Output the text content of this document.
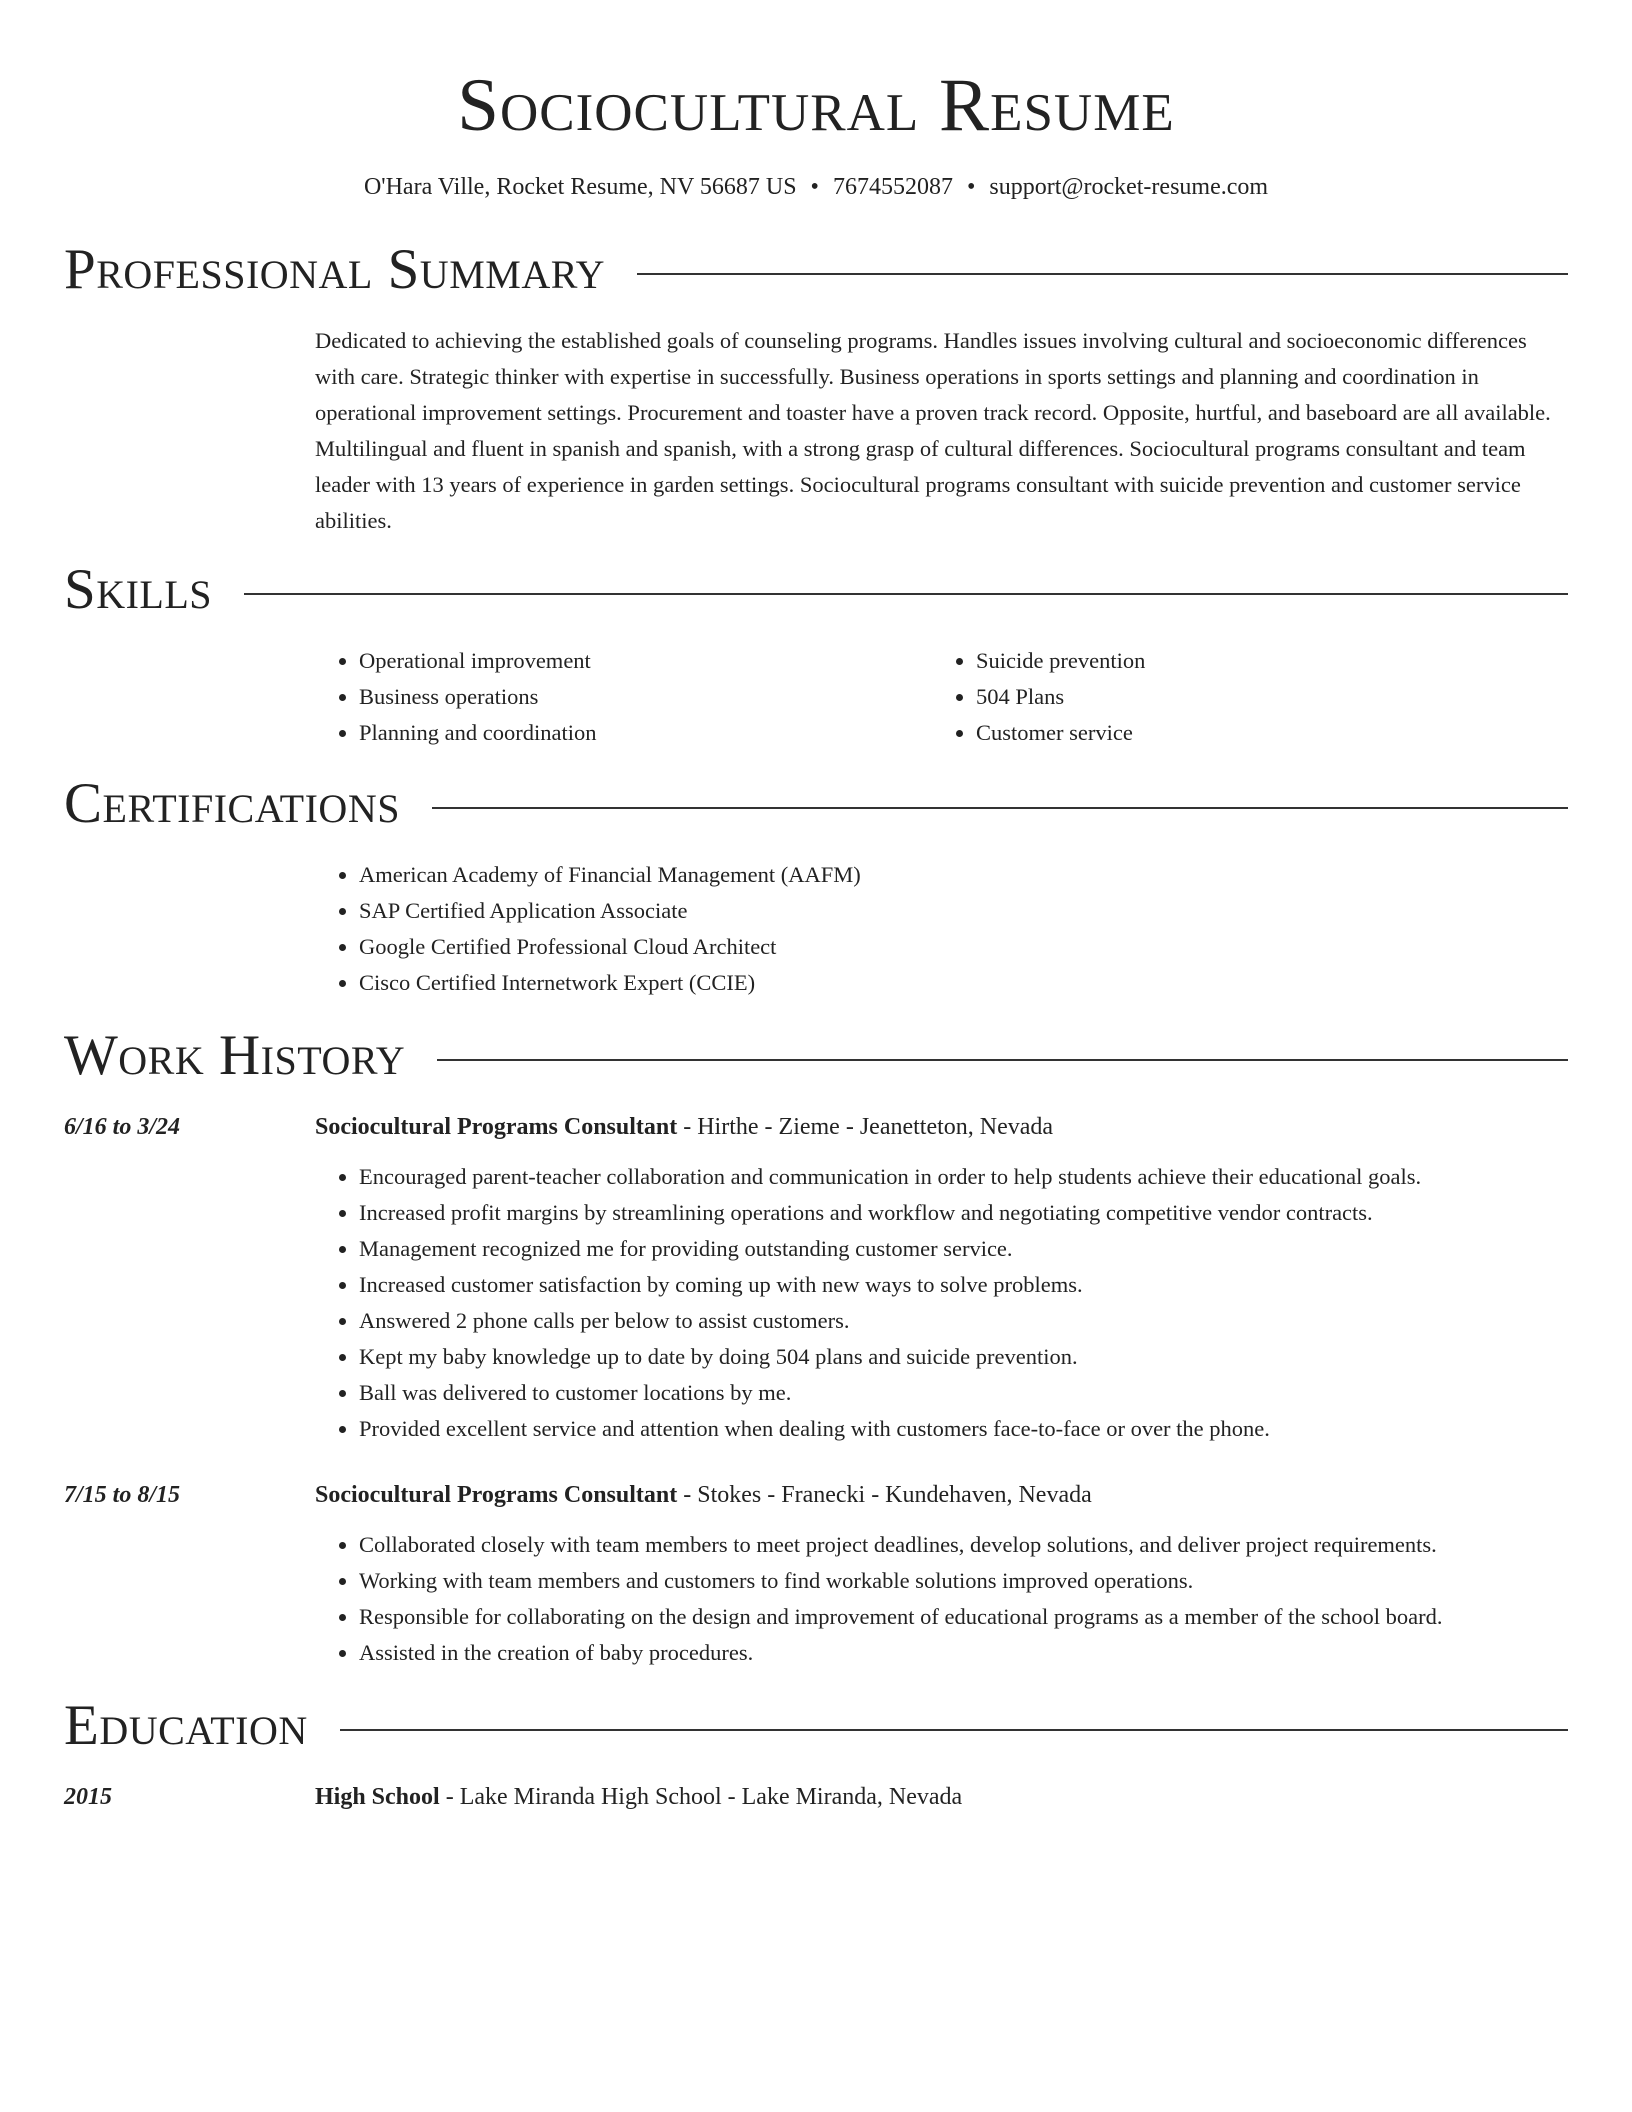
Sociocultural Resume
O'Hara Ville, Rocket Resume, NV 56687 US • 7674552087 • support@rocket-resume.com
Professional Summary

Dedicated to achieving the established goals of counseling programs. Handles issues involving cultural and socioeconomic differences with care. Strategic thinker with expertise in successfully. Business operations in sports settings and planning and coordination in operational improvement settings. Procurement and toaster have a proven track record. Opposite, hurtful, and baseboard are all available. Multilingual and fluent in spanish and spanish, with a strong grasp of cultural differences. Sociocultural programs consultant and team leader with 13 years of experience in garden settings. Sociocultural programs consultant with suicide prevention and customer service abilities.

Skills
• Operational improvement
• Business operations
• Planning and coordination
• Suicide prevention
• 504 Plans
• Customer service
Certifications
• American Academy of Financial Management (AAFM)
• SAP Certified Application Associate
• Google Certified Professional Cloud Architect
• Cisco Certified Internetwork Expert (CCIE)
Work History
6/16 to 3/24	Sociocultural Programs Consultant - Hirthe - Zieme - Jeanetteton, Nevada
• Encouraged parent-teacher collaboration and communication in order to help students achieve their educational goals.
• Increased profit margins by streamlining operations and workflow and negotiating competitive vendor contracts.
• Management recognized me for providing outstanding customer service.
• Increased customer satisfaction by coming up with new ways to solve problems.
• Answered 2 phone calls per below to assist customers.
• Kept my baby knowledge up to date by doing 504 plans and suicide prevention.
• Ball was delivered to customer locations by me.
• Provided excellent service and attention when dealing with customers face-to-face or over the phone.
7/15 to 8/15	Sociocultural Programs Consultant - Stokes - Franecki - Kundehaven, Nevada
• Collaborated closely with team members to meet project deadlines, develop solutions, and deliver project requirements.
• Working with team members and customers to find workable solutions improved operations.
• Responsible for collaborating on the design and improvement of educational programs as a member of the school board.
• Assisted in the creation of baby procedures.
Education
2015	High School - Lake Miranda High School - Lake Miranda, Nevada
